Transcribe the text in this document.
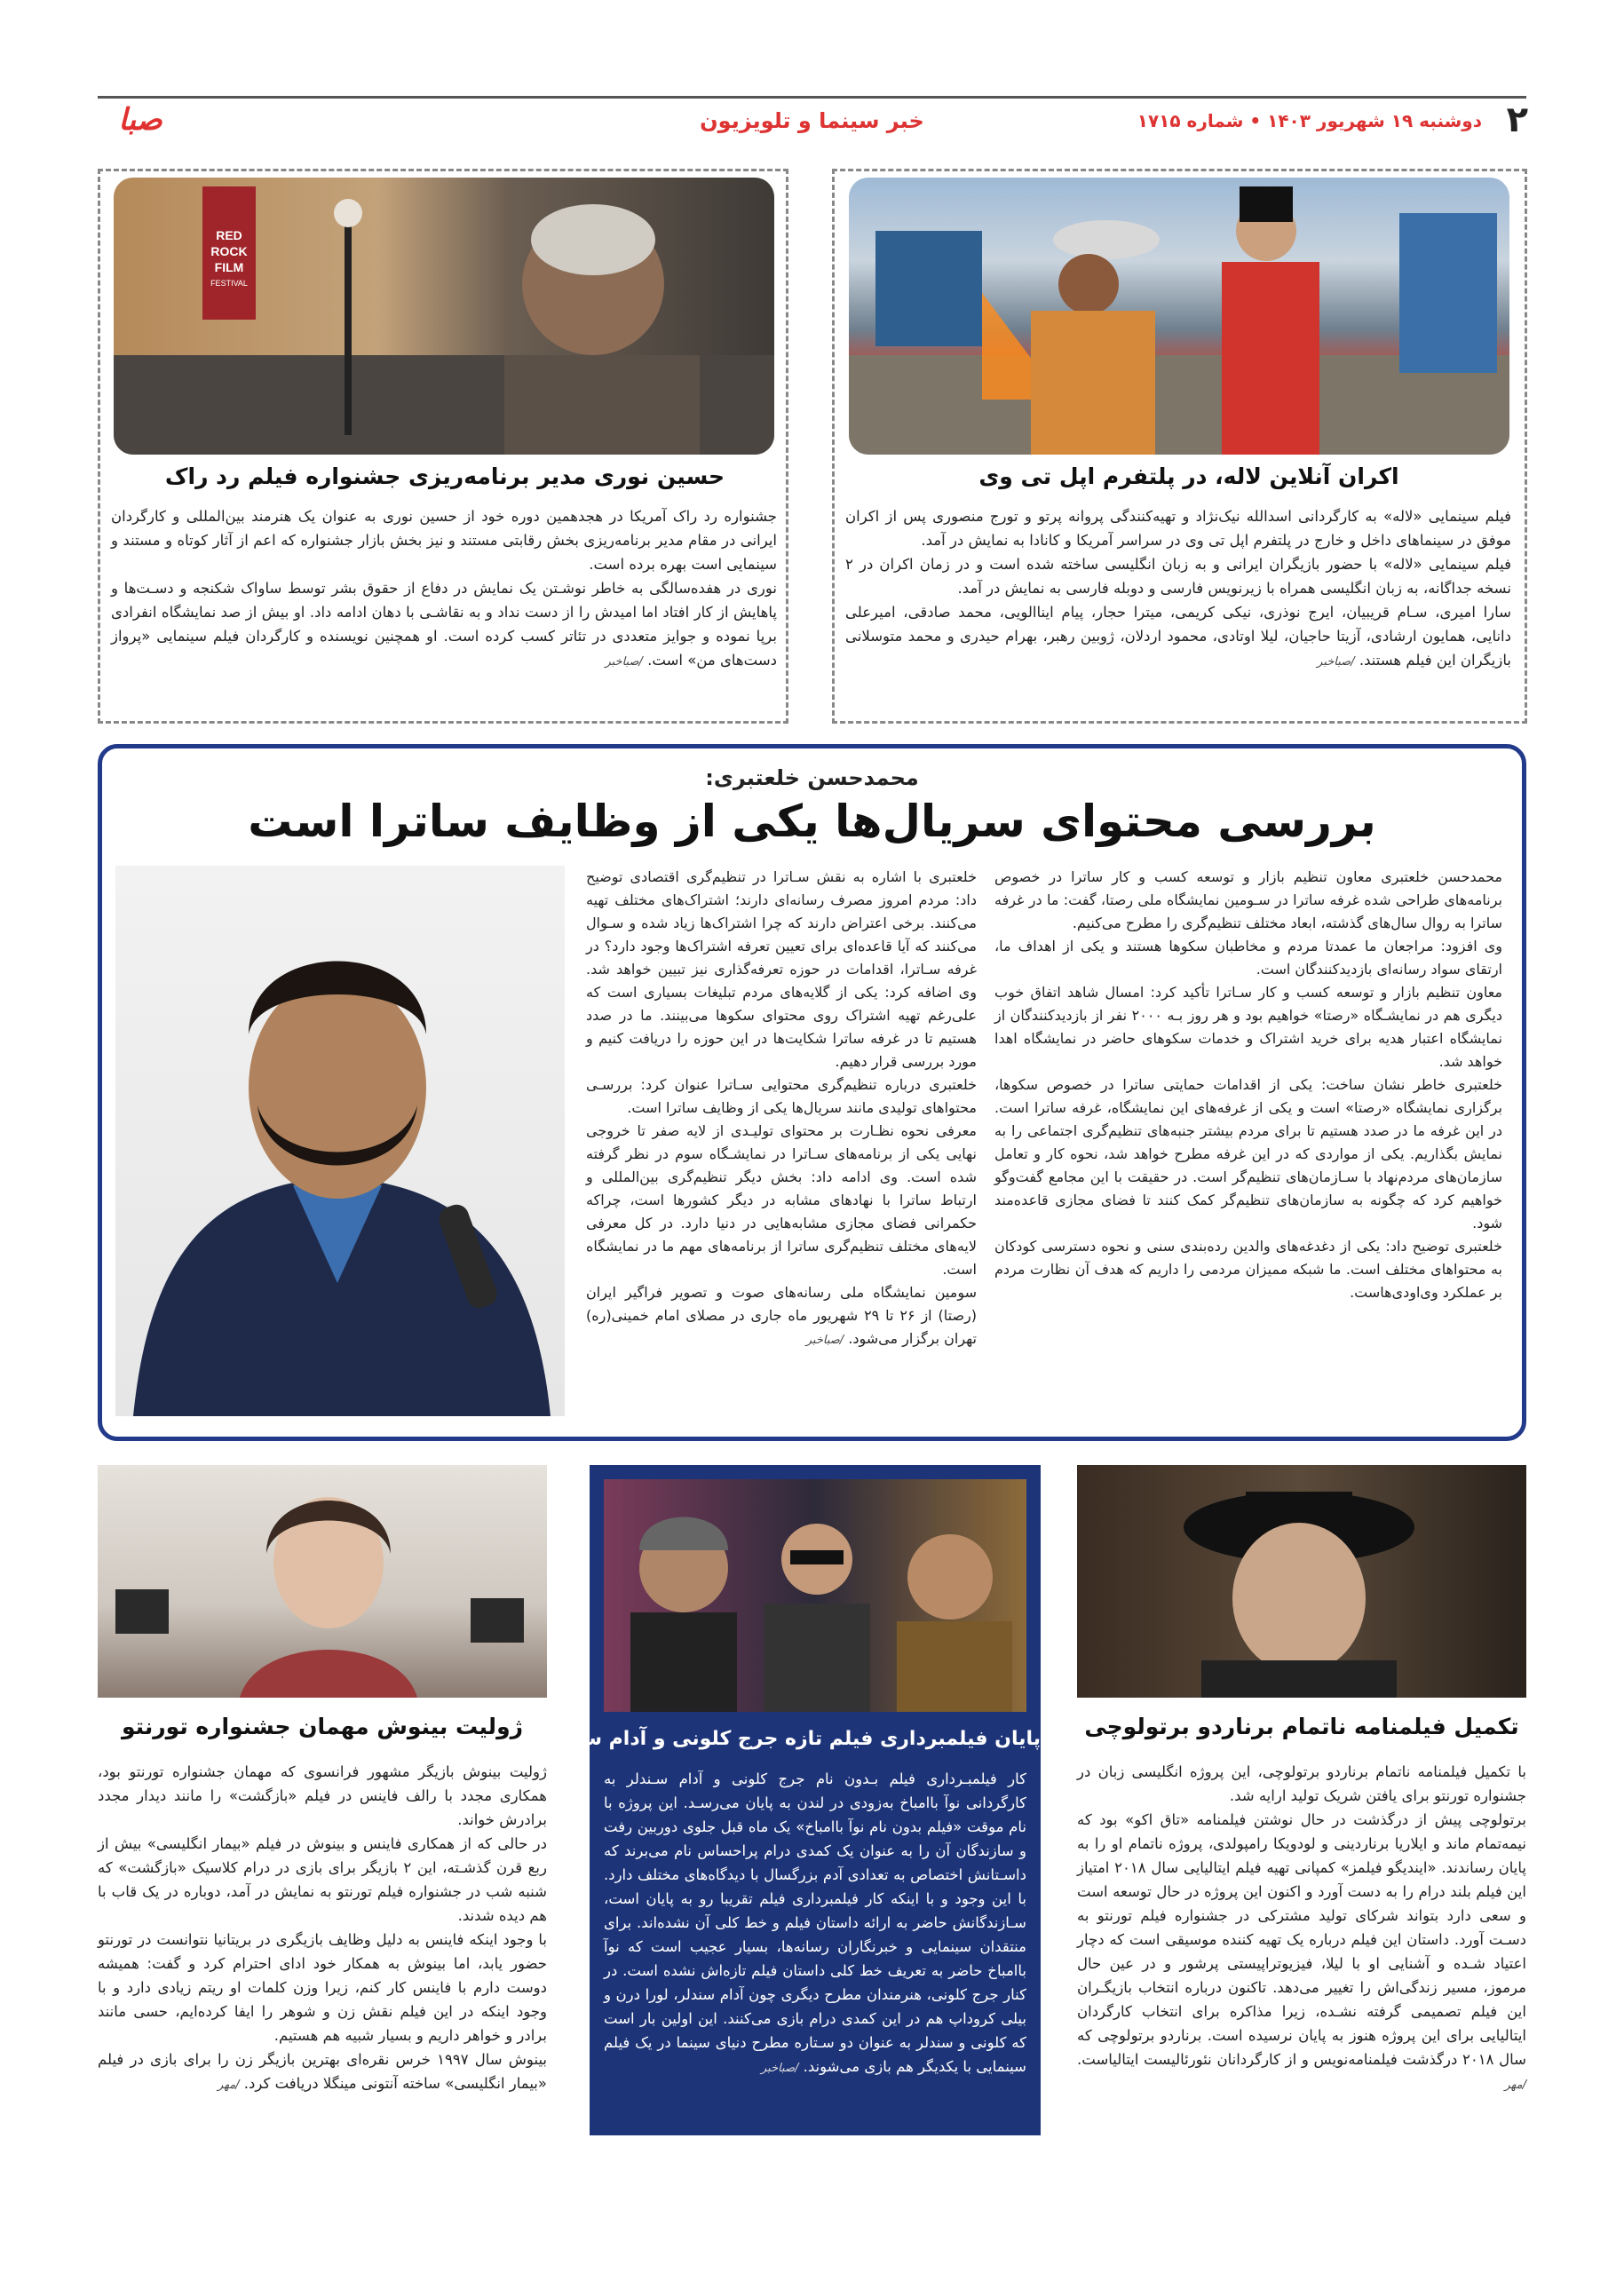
۲
دوشنبه ۱۹ شهریور ۱۴۰۳ • شماره ۱۷۱۵
خبر سینما و تلویزیون
صبا
اکران آنلاین لاله، در پلتفرم اپل تی وی

فیلم سینمایی «لاله» به کارگردانی اسدالله نیک‌نژاد و تهیه‌کنندگی پروانه پرتو و تورج منصوری پس از اکران موفق در سینماهای داخل و خارج در پلتفرم اپل تی وی در سراسر آمریکا و کانادا به نمایش در آمد.

فیلم سینمایی «لاله» با حضور بازیگران ایرانی و به زبان انگلیسی ساخته شده است و در زمان اکران در ۲ نسخه جداگانه، به زبان انگلیسی همراه با زیرنویس فارسی و دوبله فارسی به نمایش در آمد.

سارا امیری، سـام قریبیان، ایرج نوذری، نیکی کریمی، میترا حجار، پیام ایناالویی، محمد صادقی، امیرعلی دانایی، همایون ارشادی، آزیتا حاجیان، لیلا اوتادی، محمود اردلان، ژوبین رهبر، بهرام حیدری و محمد متوسلانی بازیگران این فیلم هستند. /صباخبر

RED
ROCK
FILM
FESTIVAL
حسین نوری مدیر برنامه‌ریزی جشنواره فیلم رد راک

جشنواره رد راک آمریکا در هجدهمین دوره خود از حسین نوری به عنوان یک هنرمند بین‌المللی و کارگردان ایرانی در مقام مدیر برنامه‌ریزی بخش رقابتی مستند و نیز بخش بازار جشنواره که اعم از آثار کوتاه و مستند و سینمایی است بهره برده است.

نوری در هفده‌سالگی به خاطر نوشـتن یک نمایش در دفاع از حقوق بشر توسط ساواک شکنجه و دسـت‌ها و پاهایش از کار افتاد اما امیدش را از دست نداد و به نقاشـی با دهان ادامه داد. او بیش از صد نمایشگاه انفرادی برپا نموده و جوایز متعددی در تئاتر کسب کرده است. او همچنین نویسنده و کارگردان فیلم سینمایی «پرواز دست‌های من» است. /صباخبر

محمدحسن خلعتبری:
بررسی محتوای سریال‌ها یکی از وظایف ساترا است

محمدحسن خلعتبری معاون تنظیم بازار و توسعه کسب و کار ساترا در خصوص برنامه‌های طراحی شده غرفه ساترا در سـومین نمایشگاه ملی رصتا، گفت: ما در غرفه ساترا به روال سال‌های گذشته، ابعاد مختلف تنظیم‌گری را مطرح می‌کنیم.

وی افزود: مراجعان ما عمدتا مردم و مخاطبان سکوها هستند و یکی از اهداف ما، ارتقای سواد رسانه‌ای بازدیدکنندگان است.

معاون تنظیم بازار و توسعه کسب و کار سـاترا تأکید کرد: امسال شاهد اتفاق خوب دیگری هم در نمایشـگاه «رصتا» خواهیم بود و هر روز بـه ۲۰۰۰ نفر از بازدیدکنندگان از نمایشگاه اعتبار هدیه برای خرید اشتراک و خدمات سکوهای حاضر در نمایشگاه اهدا خواهد شد.

خلعتبری خاطر نشان ساخت: یکی از اقدامات حمایتی ساترا در خصوص سکوها، برگزاری نمایشگاه «رصتا» است و یکی از غرفه‌های این نمایشگاه، غرفه ساترا است. در این غرفه ما در صدد هستیم تا برای مردم بیشتر جنبه‌های تنظیم‌گری اجتماعی را به نمایش بگذاریم. یکی از مواردی که در این غرفه مطرح خواهد شد، نحوه کار و تعامل سازمان‌های مردم‌نهاد با سـازمان‌های تنظیم‌گر است. در حقیقت با این مجامع گفت‌وگو خواهیم کرد که چگونه به سازمان‌های تنظیم‌گر کمک کنند تا فضای مجازی قاعده‌مند شود.

خلعتبری توضیح داد: یکی از دغدغه‌های والدین رده‌بندی سنی و نحوه دسترسی کودکان به محتواهای مختلف است. ما شبکه ممیزان مردمی را داریم که هدف آن نظارت مردم بر عملکرد وی‌اودی‌هاست.

خلعتبری با اشاره به نقش سـاترا در تنظیم‌گری اقتصادی توضیح داد: مردم امروز مصرف رسانه‌ای دارند؛ اشتراک‌های مختلف تهیه می‌کنند. برخی اعتراض دارند که چرا اشتراک‌ها زیاد شده و سـوال می‌کنند که آیا قاعده‌ای برای تعیین تعرفه اشتراک‌ها وجود دارد؟ در غرفه سـاترا، اقدامات در حوزه تعرفه‌گذاری نیز تبیین خواهد شد. وی اضافه کرد: یکی از گلایه‌های مردم تبلیغات بسیاری است که علی‌رغم تهیه اشتراک روی محتوای سکوها می‌بینند. ما در صدد هستیم تا در غرفه ساترا شکایت‌ها در این حوزه را دریافت کنیم و مورد بررسی قرار دهیم.

خلعتبری درباره تنظیم‌گری محتوایی سـاترا عنوان کرد: بررسـی محتواهای تولیدی مانند سریال‌ها یکی از وظایف ساترا است.

معرفی نحوه نظـارت بر محتوای تولیـدی از لایه صفر تا خروجی نهایی یکی از برنامه‌های سـاترا در نمایشـگاه سوم در نظر گرفته شده است. وی ادامه داد: بخش دیگر تنظیم‌گری بین‌المللی و ارتباط ساترا با نهادهای مشابه در دیگر کشورها است، چراکه حکمرانی فضای مجازی مشابه‌هایی در دنیا دارد. در کل معرفی لایه‌های مختلف تنظیم‌گری ساترا از برنامه‌های مهم ما در نمایشگاه است.

سومین نمایشگاه ملی رسانه‌های صوت و تصویر فراگیر ایران (رصتا) از ۲۶ تا ۲۹ شهریور ماه جاری در مصلای امام خمینی(ره) تهران برگزار می‌شود. /صباخبر

تکمیل فیلمنامه ناتمام برناردو برتولوچی

با تکمیل فیلمنامه ناتمام برناردو برتولوچی، این پروژه انگلیسی زبان در جشنواره تورنتو برای یافتن شریک تولید ارایه شد.

برتولوچی پیش از درگذشت در حال نوشتن فیلمنامه «تاق اکو» بود که نیمه‌تمام ماند و ایلاریا برناردینی و لودویکا رامپولدی، پروژه ناتمام او را به پایان رساندند. «ایندیگو فیلمز» کمپانی تهیه فیلم ایتالیایی سال ۲۰۱۸ امتیاز این فیلم بلند درام را به دست آورد و اکنون این پروژه در حال توسعه است و سعی دارد بتواند شرکای تولید مشترکی در جشنواره فیلم تورنتو به دسـت آورد. داستان این فیلم درباره یک تهیه کننده موسیقی است که دچار اعتیاد شـده و آشنایی او با لیلا، فیزیوتراپیستی پرشور و در عین حال مرموز، مسیر زندگی‌اش را تغییر می‌دهد. تاکنون درباره انتخاب بازیگـران این فیلم تصمیمی گرفته نشـده، زیرا مذاکره برای انتخاب کارگردان ایتالیایی برای این پروژه هنوز به پایان نرسیده است. برناردو برتولوچی که سال ۲۰۱۸ درگذشت فیلمنامه‌نویس و از کارگردانان نئورئالیست ایتالیاست. /مهر

پایان فیلمبرداری فیلم تازه جرج کلونی و آدام سندلر

کار فیلمبـرداری فیلم بـدون نام جرج کلونی و آدام سـندلر به کارگردانی نوآ باامباخ به‌زودی در لندن به پایان می‌رسـد. این پروژه با نام موقت «فیلم بدون نام نوآ باامباخ» یک ماه قبل جلوی دوربین رفت و سازندگان آن را به عنوان یک کمدی درام پراحساس نام می‌برند که داسـتانش اختصاص به تعدادی آدم بزرگسال با دیدگاه‌های مختلف دارد. با این وجود و با اینکه کار فیلمبرداری فیلم تقریبا رو به پایان است، سـازندگانش حاضر به ارائه داستان فیلم و خط کلی آن نشده‌اند. برای منتقدان سینمایی و خبرنگاران رسانه‌ها، بسیار عجیب است که نوآ باامباخ حاضر به تعریف خط کلی داستان فیلم تازه‌اش نشده است. در کنار جرج کلونی، هنرمندان مطرح دیگری چون آدام سندلر، لورا درن و بیلی کروداپ هم در این کمدی درام بازی می‌کنند. این اولین بار است که کلونی و سندلر به عنوان دو سـتاره مطرح دنیای سینما در یک فیلم سینمایی با یکدیگر هم بازی می‌شوند. /صباخبر

ژولیت بینوش مهمان جشنواره تورنتو

ژولیت بینوش بازیگر مشهور فرانسوی که مهمان جشنواره تورنتو بود، همکاری مجدد با رالف فاینس در فیلم «بازگشت» را مانند دیدار مجدد برادرش خواند.

در حالی که از همکاری فاینس و بینوش در فیلم «بیمار انگلیسی» بیش از ربع قرن گذشـته، این ۲ بازیگر برای بازی در درام کلاسیک «بازگشت» که شنبه شب در جشنواره فیلم تورنتو به نمایش در آمد، دوباره در یک قاب با هم دیده شدند.

با وجود اینکه فاینس به دلیل وظایف بازیگری در بریتانیا نتوانست در تورنتو حضور یابد، اما بینوش به همکار خود ادای احترام کرد و گفت: همیشه دوست دارم با فاینس کار کنم، زیرا وزن کلمات او ریتم زیادی دارد و با وجود اینکه در این فیلم نقش زن و شوهر را ایفا کرده‌ایم، حسی مانند برادر و خواهر داریم و بسیار شبیه هم هستیم.

بینوش سال ۱۹۹۷ خرس نقره‌ای بهترین بازیگر زن را برای بازی در فیلم «بیمار انگلیسی» ساخته آنتونی مینگلا دریافت کرد. /مهر
